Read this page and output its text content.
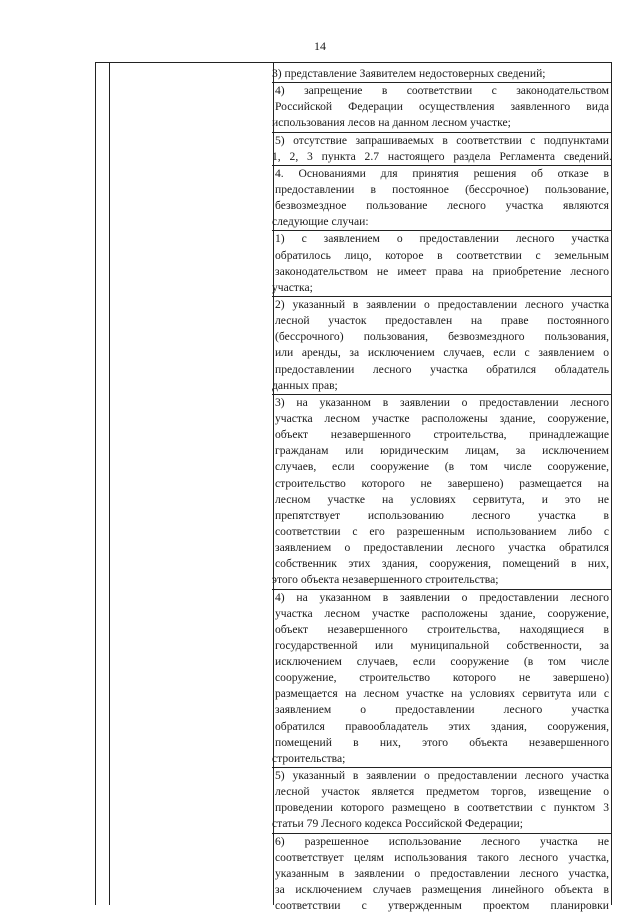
14
3) представление Заявителем недостоверных сведений;
4) запрещение в соответствии с законодательством
Российской Федерации осуществления заявленного вида
использования лесов на данном лесном участке;
5) отсутствие запрашиваемых в соответствии с подпунктами
1, 2, 3 пункта 2.7 настоящего раздела Регламента сведений.
4. Основаниями для принятия решения об отказе в
предоставлении в постоянное (бессрочное) пользование,
безвозмездное пользование лесного участка являются
следующие случаи:
1) с заявлением о предоставлении лесного участка
обратилось лицо, которое в соответствии с земельным
законодательством не имеет права на приобретение лесного
участка;
2) указанный в заявлении о предоставлении лесного участка
лесной участок предоставлен на праве постоянного
(бессрочного) пользования, безвозмездного пользования,
или аренды, за исключением случаев, если с заявлением о
предоставлении лесного участка обратился обладатель
данных прав;
3) на указанном в заявлении о предоставлении лесного
участка лесном участке расположены здание, сооружение,
объект незавершенного строительства, принадлежащие
гражданам или юридическим лицам, за исключением
случаев, если сооружение (в том числе сооружение,
строительство которого не завершено) размещается на
лесном участке на условиях сервитута, и это не
препятствует использованию лесного участка в
соответствии с его разрешенным использованием либо с
заявлением о предоставлении лесного участка обратился
собственник этих здания, сооружения, помещений в них,
этого объекта незавершенного строительства;
4) на указанном в заявлении о предоставлении лесного
участка лесном участке расположены здание, сооружение,
объект незавершенного строительства, находящиеся в
государственной или муниципальной собственности, за
исключением случаев, если сооружение (в том числе
сооружение, строительство которого не завершено)
размещается на лесном участке на условиях сервитута или с
заявлением о предоставлении лесного участка
обратился правообладатель этих здания, сооружения,
помещений в них, этого объекта незавершенного
строительства;
5) указанный в заявлении о предоставлении лесного участка
лесной участок является предметом торгов, извещение о
проведении которого размещено в соответствии с пунктом 3
статьи 79 Лесного кодекса Российской Федерации;
6) разрешенное использование лесного участка не
соответствует целям использования такого лесного участка,
указанным в заявлении о предоставлении лесного участка,
за исключением случаев размещения линейного объекта в
соответствии с утвержденным проектом планировки
